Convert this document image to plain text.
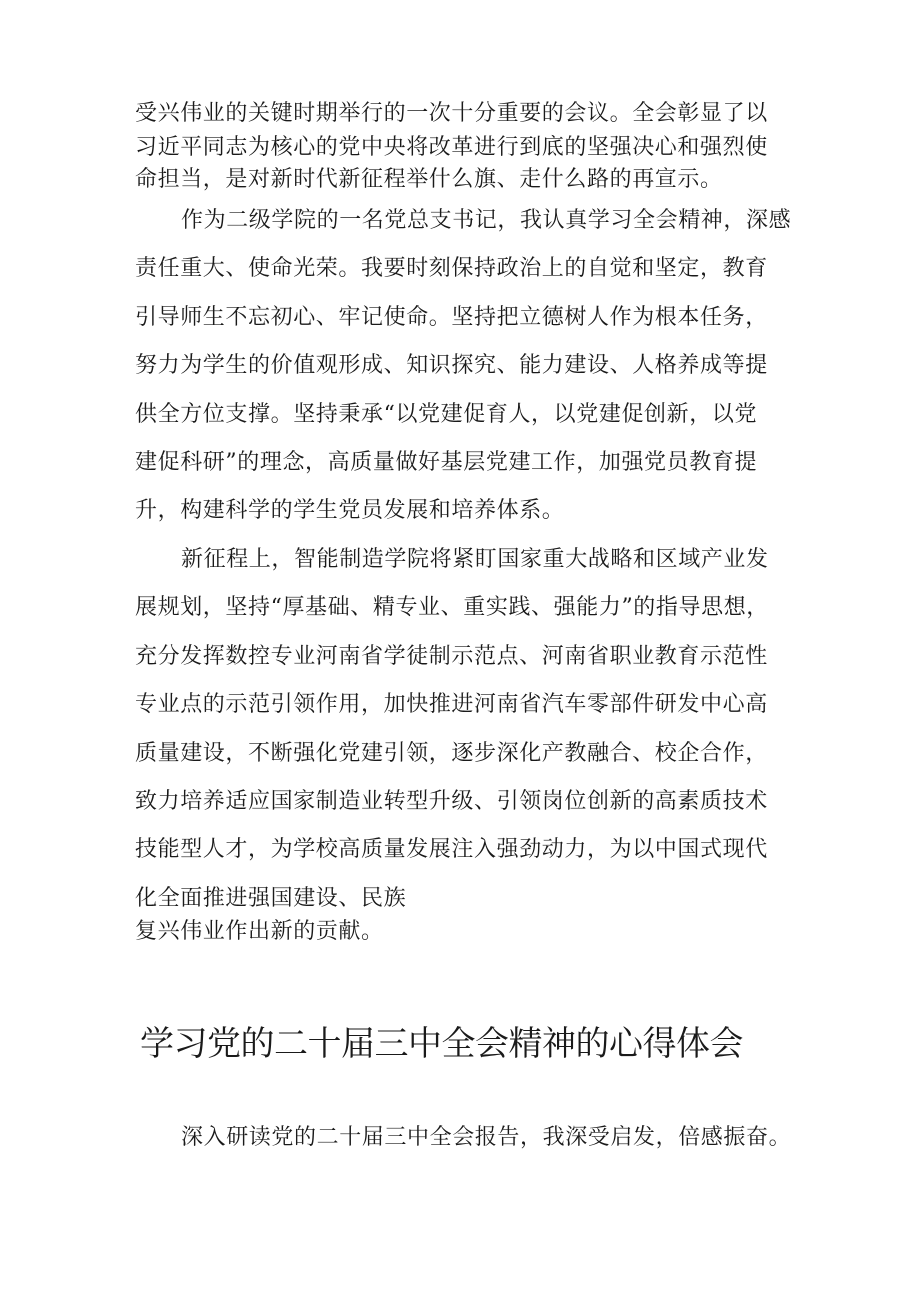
受兴伟业的关键时期举行的一次十分重要的会议。全会彰显了以
习近平同志为核心的党中央将改革进行到底的坚强决心和强烈使
命担当，是对新时代新征程举什么旗、走什么路的再宣示。
作为二级学院的一名党总支书记，我认真学习全会精神，深感
责任重大、使命光荣。我要时刻保持政治上的自觉和坚定，教育
引导师生不忘初心、牢记使命。坚持把立德树人作为根本任务，
努力为学生的价值观形成、知识探究、能力建设、人格养成等提
供全方位支撑。坚持秉承“以党建促育人，以党建促创新，以党
建促科研”的理念，高质量做好基层党建工作，加强党员教育提
升，构建科学的学生党员发展和培养体系。
新征程上，智能制造学院将紧盯国家重大战略和区域产业发
展规划，坚持“厚基础、精专业、重实践、强能力”的指导思想，
充分发挥数控专业河南省学徒制示范点、河南省职业教育示范性
专业点的示范引领作用，加快推进河南省汽车零部件研发中心高
质量建设，不断强化党建引领，逐步深化产教融合、校企合作，
致力培养适应国家制造业转型升级、引领岗位创新的高素质技术
技能型人才，为学校高质量发展注入强劲动力，为以中国式现代
化全面推进强国建设、民族
复兴伟业作出新的贡献。
学习党的二十届三中全会精神的心得体会
深入研读党的二十届三中全会报告，我深受启发，倍感振奋。
